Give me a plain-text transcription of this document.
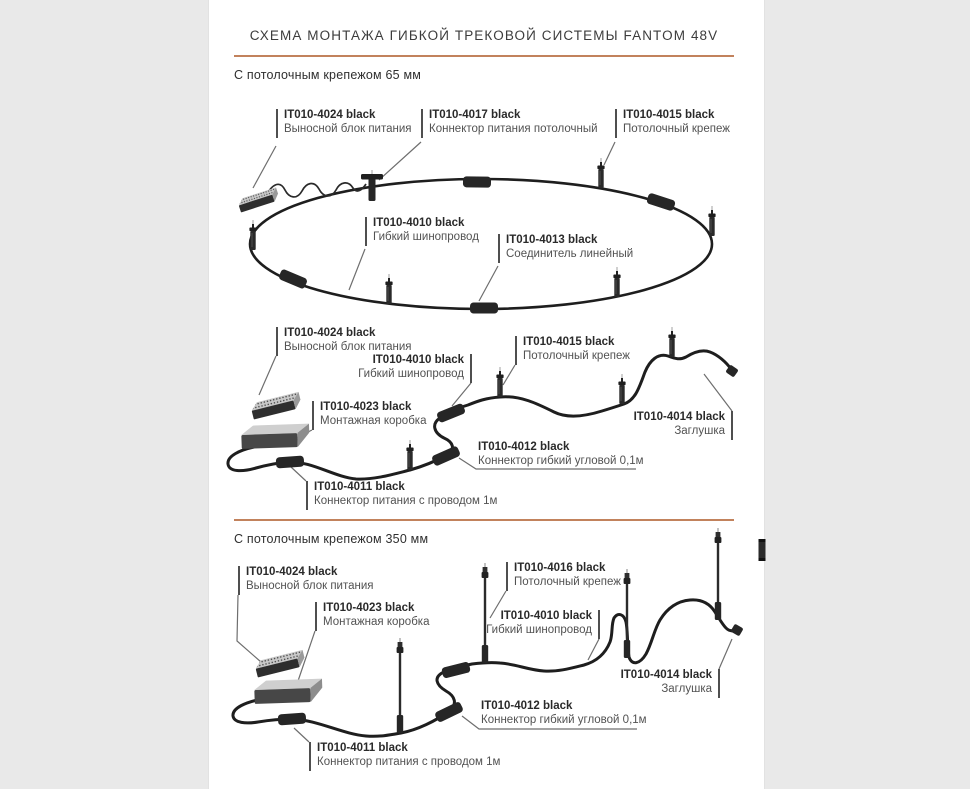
СХЕМА МОНТАЖА ГИБКОЙ ТРЕКОВОЙ СИСТЕМЫ FANTOM 48V
С потолочным крепежом 65 мм
С потолочным крепежом 350 мм
IT010-4024 black
Выносной блок питания
IT010-4017 black
Коннектор питания потолочный
IT010-4015 black
Потолочный крепеж
IT010-4010 black
Гибкий шинопровод IT010-4013 black
Соединитель линейный
IT010-4024 black
Выносной блок питания
IT010-4010 black
Гибкий шинопровод
IT010-4015 black
Потолочный крепеж
IT010-4023 black
Монтажная коробка	IT010-4014 black
Заглушка
IT010-4012 black
Коннектор гибкий угловой 0,1м
IT010-4011 black
Коннектор питания с проводом 1м
IT010-4024 black
Выносной блок питания
IT010-4023 black
Монтажная коробка
IT010-4016 black
Потолочный крепеж
IT010-4010 black
Гибкий шинопровод
IT010-4014 black
Заглушка
IT010-4012 black
Коннектор гибкий угловой 0,1м
IT010-4011 black
Коннектор питания с проводом 1м
